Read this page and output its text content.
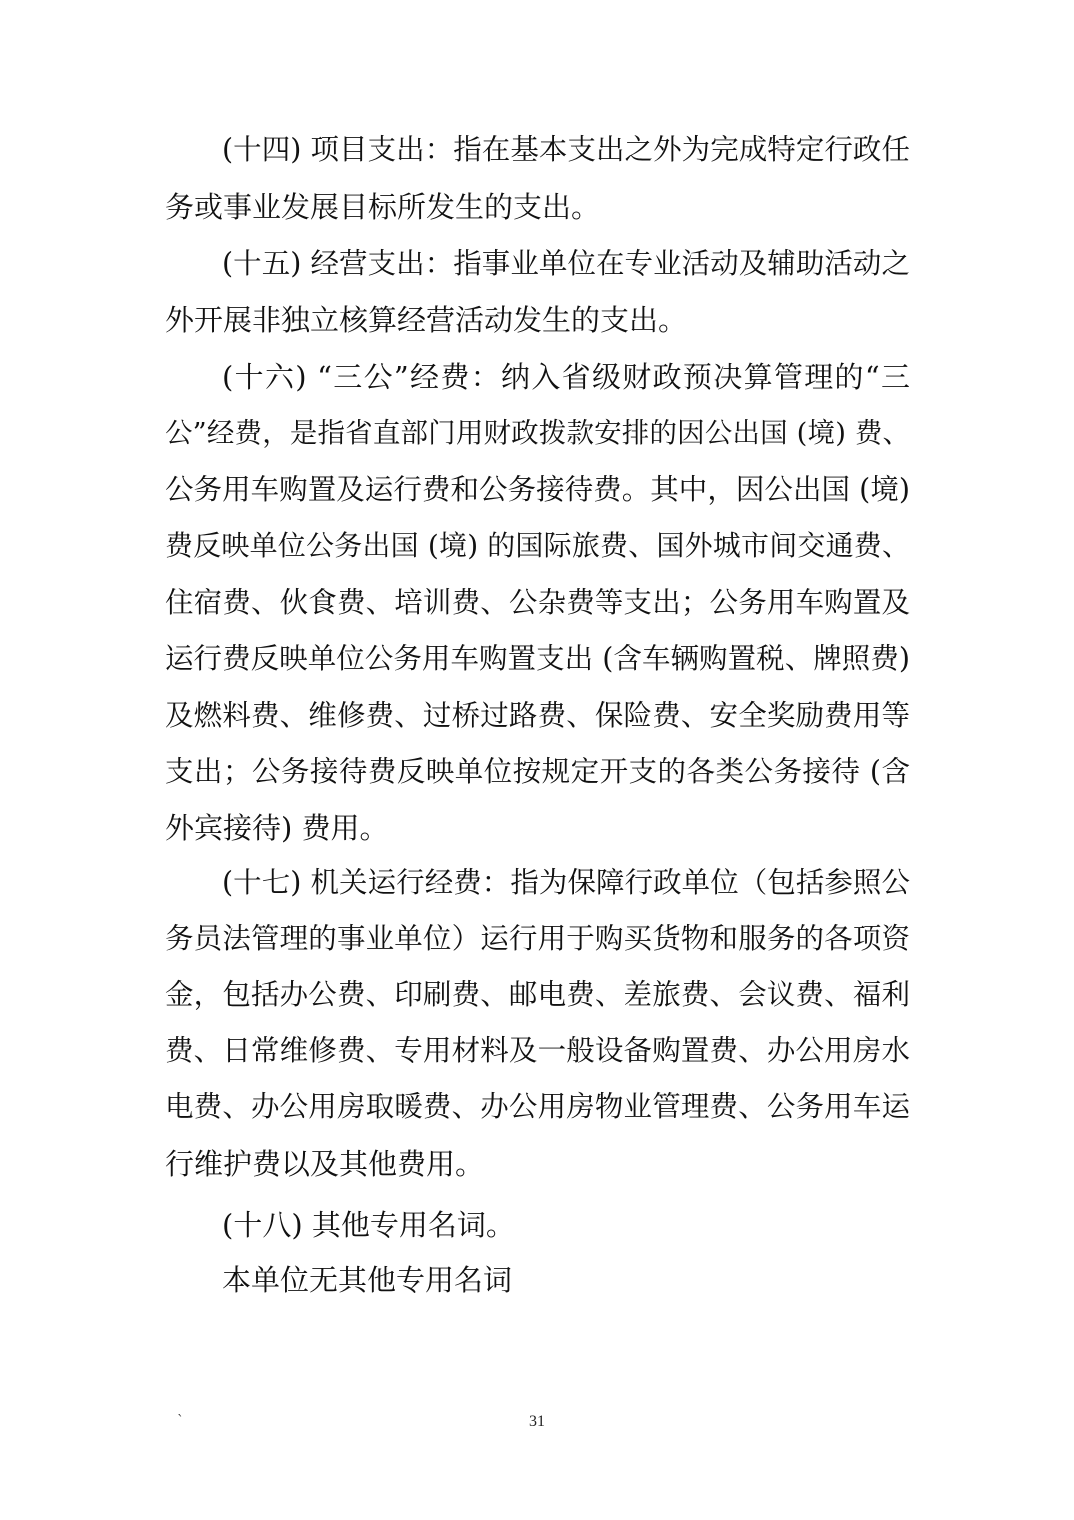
(十四) 项目支出：指在基本支出之外为完成特定行政任
务或事业发展目标所发生的支出。
(十五) 经营支出：指事业单位在专业活动及辅助活动之
外开展非独立核算经营活动发生的支出。
(十六) “三公”经费：纳入省级财政预决算管理的“三
公”经费，是指省直部门用财政拨款安排的因公出国 (境) 费、
公务用车购置及运行费和公务接待费。其中，因公出国 (境)
费反映单位公务出国 (境) 的国际旅费、国外城市间交通费、
住宿费、伙食费、培训费、公杂费等支出；公务用车购置及
运行费反映单位公务用车购置支出 (含车辆购置税、牌照费)
及燃料费、维修费、过桥过路费、保险费、安全奖励费用等
支出；公务接待费反映单位按规定开支的各类公务接待 (含
外宾接待) 费用。
(十七) 机关运行经费：指为保障行政单位（包括参照公
务员法管理的事业单位）运行用于购买货物和服务的各项资
金，包括办公费、印刷费、邮电费、差旅费、会议费、福利
费、日常维修费、专用材料及一般设备购置费、办公用房水
电费、办公用房取暖费、办公用房物业管理费、公务用车运
行维护费以及其他费用。
(十八) 其他专用名词。
本单位无其他专用名词
`	31
